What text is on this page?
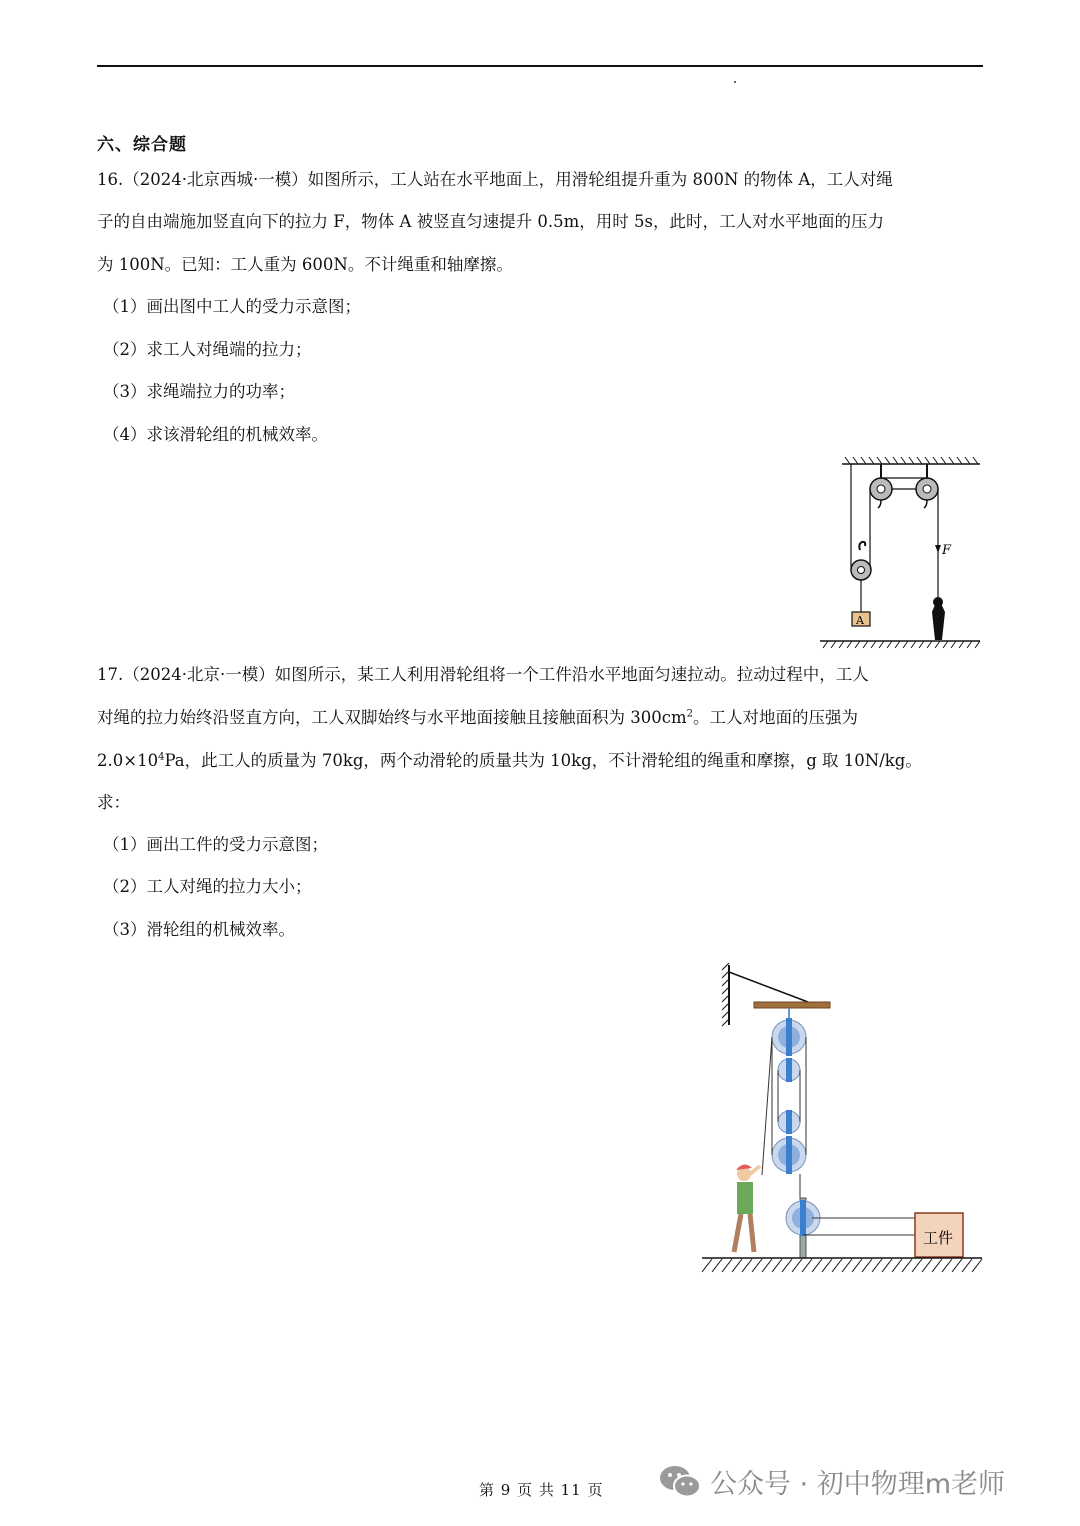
六、综合题
16.（2024·北京西城·一模）如图所示，工人站在水平地面上，用滑轮组提升重为 800N 的物体 A，工人对绳
子的自由端施加竖直向下的拉力 F，物体 A 被竖直匀速提升 0.5m，用时 5s，此时，工人对水平地面的压力
为 100N。已知：工人重为 600N。不计绳重和轴摩擦。
（1）画出图中工人的受力示意图；
（2）求工人对绳端的拉力；
（3）求绳端拉力的功率；
（4）求该滑轮组的机械效率。
F
A
17.（2024·北京·一模）如图所示，某工人利用滑轮组将一个工件沿水平地面匀速拉动。拉动过程中，工人
对绳的拉力始终沿竖直方向，工人双脚始终与水平地面接触且接触面积为 $300cm^2$。工人对地面的压强为
$2.0\times 10^4Pa$，此工人的质量为 70kg，两个动滑轮的质量共为 10kg，不计滑轮组的绳重和摩擦，g 取 10N/kg。
求：
（1）画出工件的受力示意图；
（2）工人对绳的拉力大小；
（3）滑轮组的机械效率。
工件
第 9 页 共 11 页	公众号 · 初中物理m老师
